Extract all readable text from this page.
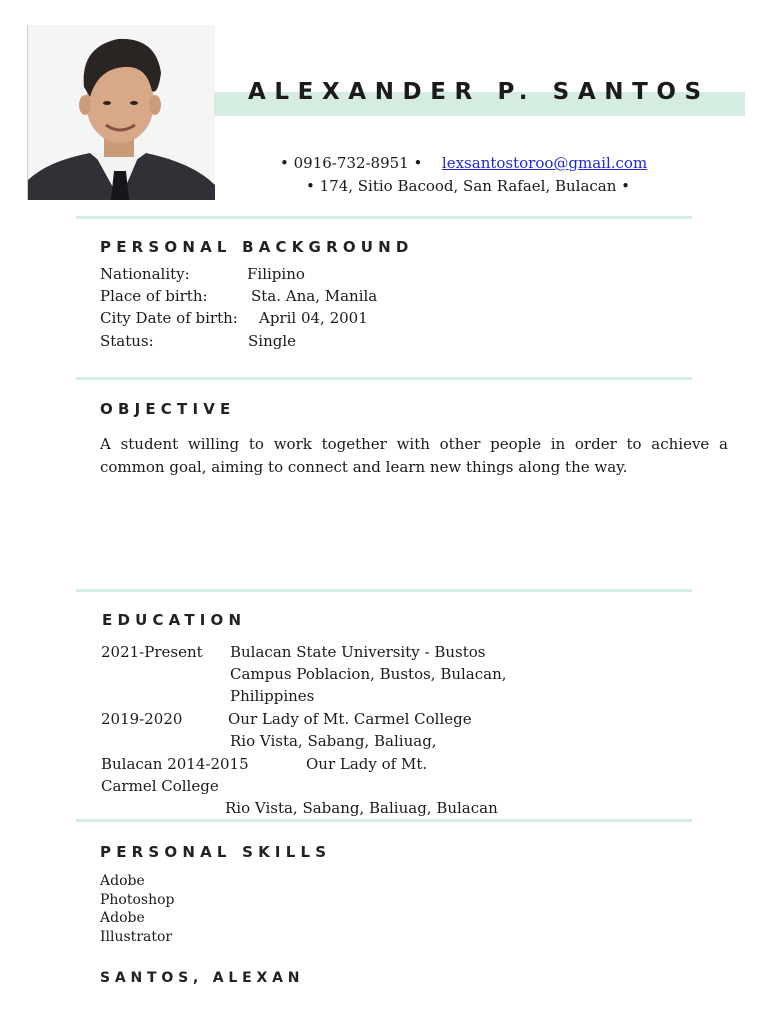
ALEXANDER P. SANTOS
• 0916-732-8951 • lexsantostoroo@gmail.com
• 174, Sitio Bacood, San Rafael, Bulacan •
PERSONAL BACKGROUND
Nationality:	Filipino
Place of birth:	Sta. Ana, Manila
City Date of birth: April 04, 2001
Status:	Single
OBJECTIVE
A student willing to work together with other people in order to achieve a common goal, aiming to connect and learn new things along the way.
EDUCATION
2021-Present Bulacan State University - Bustos
Campus Poblacion, Bustos, Bulacan,
Philippines
2019-2020	Our Lady of Mt. Carmel College
Rio Vista, Sabang, Baliuag,
Bulacan 2014-2015	Our Lady of Mt.
Carmel College
Rio Vista, Sabang, Baliuag, Bulacan
PERSONAL SKILLS
Adobe
Photoshop
Adobe
Illustrator
SANTOS, ALEXAN
